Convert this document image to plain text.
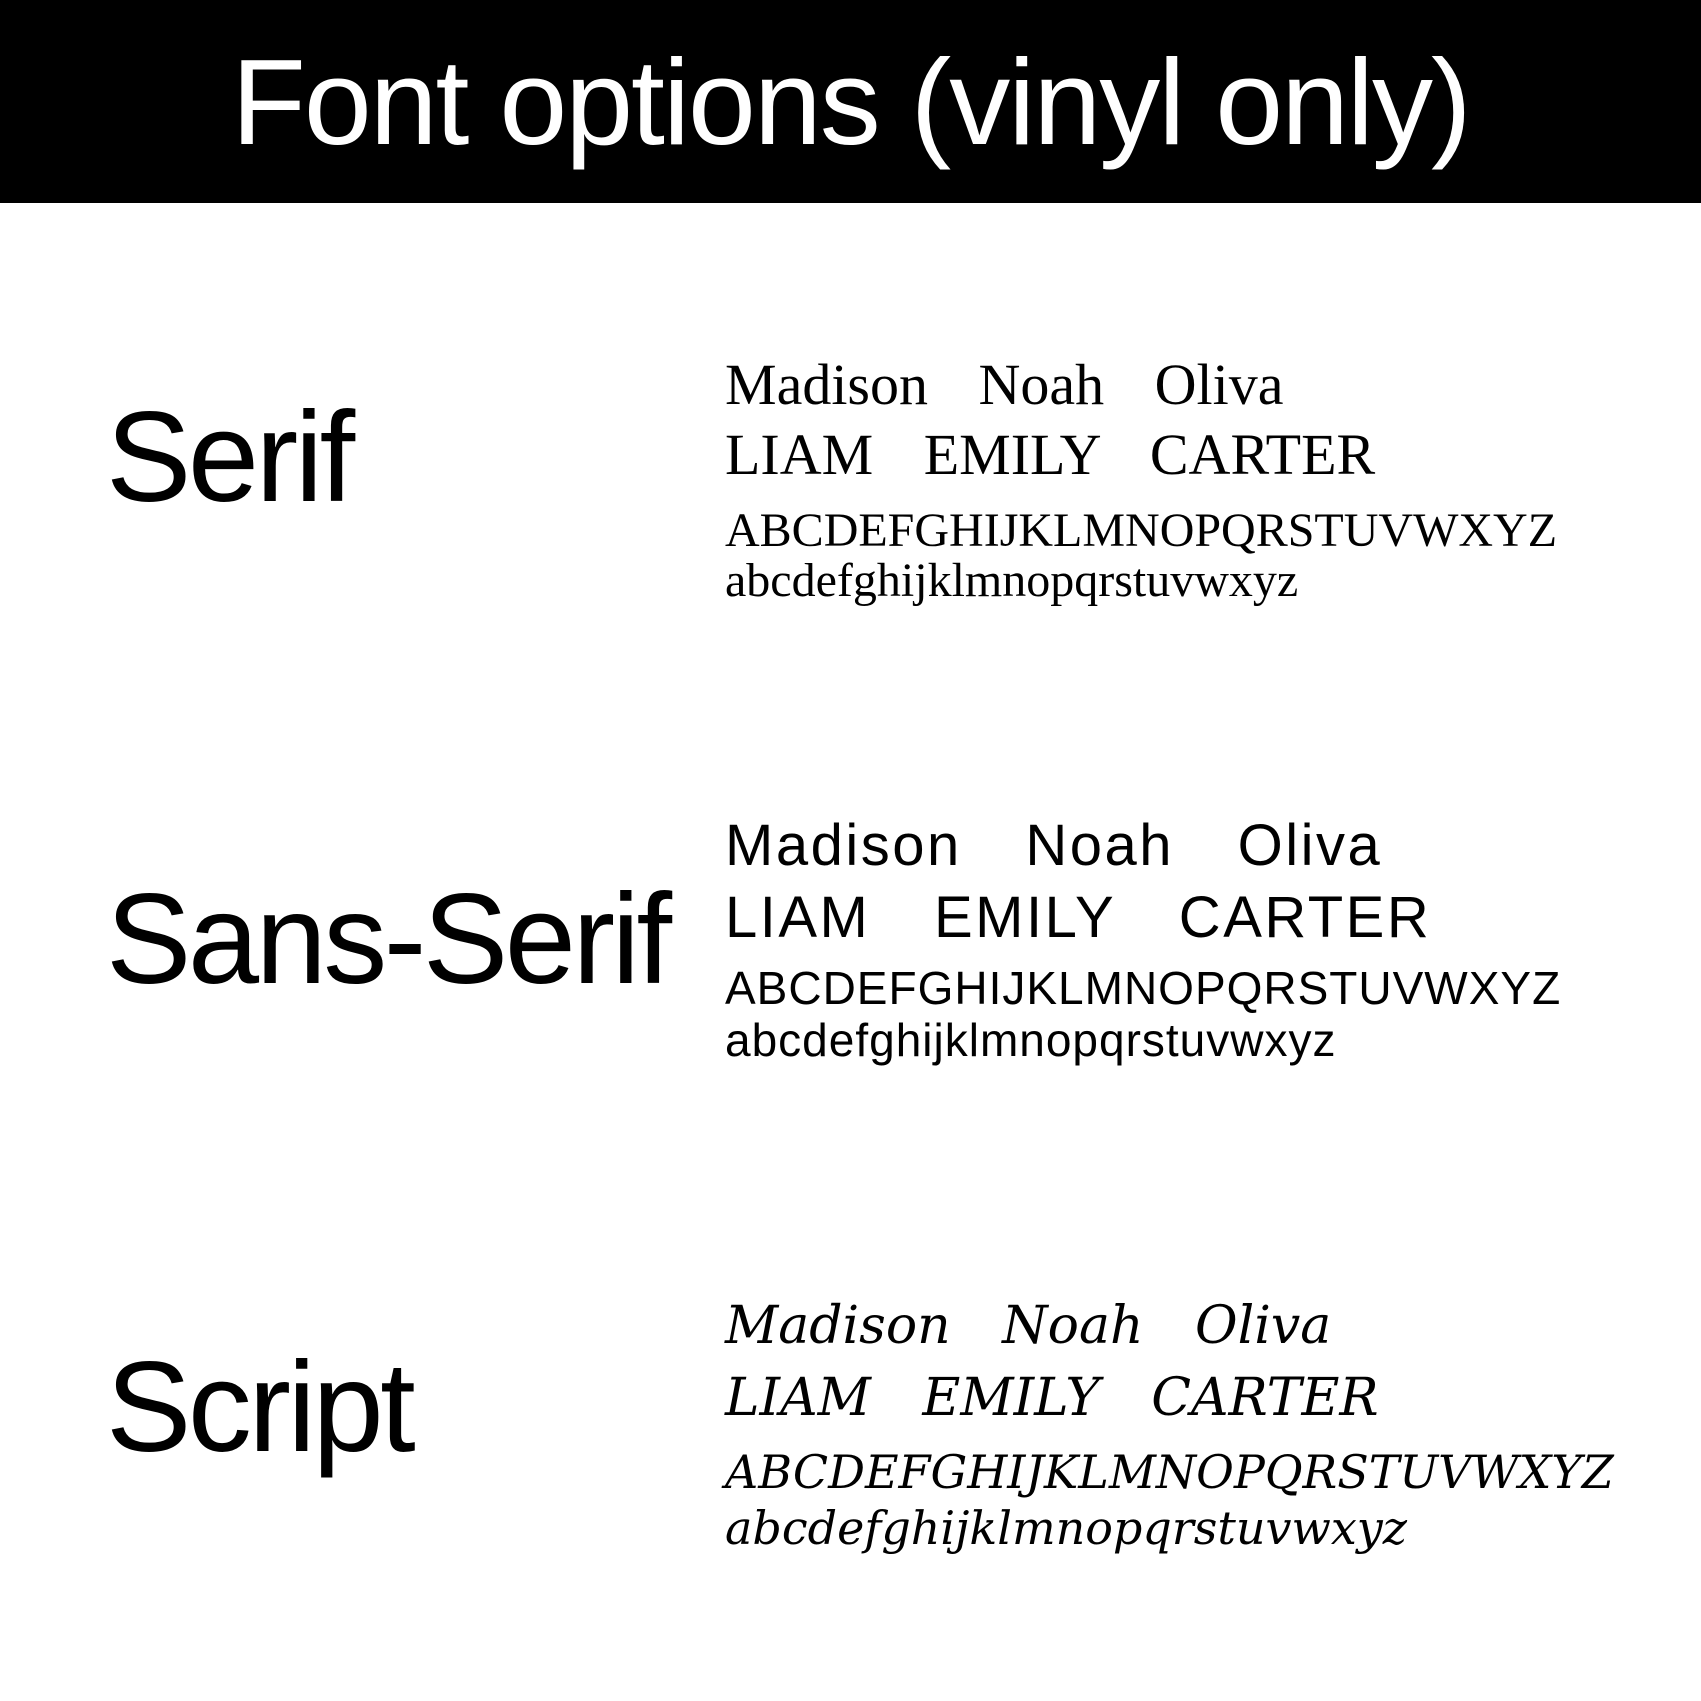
Font options (vinyl only)
Serif
Madison Noah Oliva
LIAM EMILY CARTER
ABCDEFGHIJKLMNOPQRSTUVWXYZ
abcdefghijklmnopqrstuvwxyz
Sans-Serif
Madison Noah Oliva
LIAM EMILY CARTER
ABCDEFGHIJKLMNOPQRSTUVWXYZ
abcdefghijklmnopqrstuvwxyz
Script
Madison Noah Oliva
LIAM EMILY CARTER
ABCDEFGHIJKLMNOPQRSTUVWXYZ
abcdefghijklmnopqrstuvwxyz
